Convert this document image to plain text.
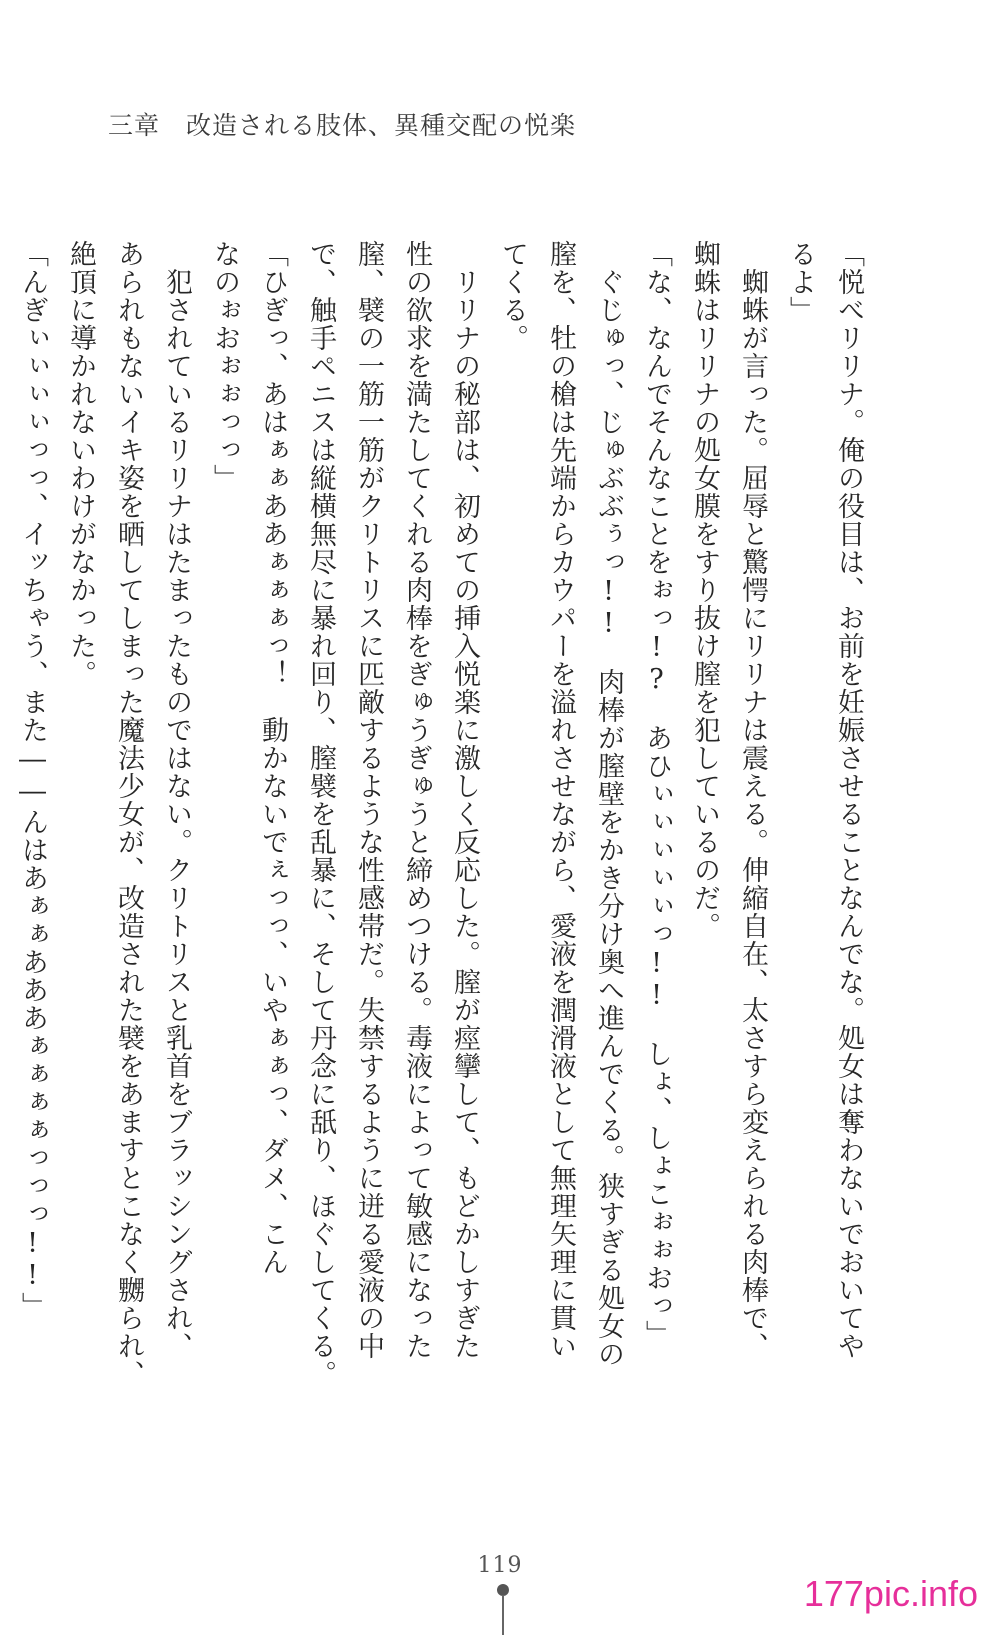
三章　改造される肢体、異種交配の悦楽
「悦べリリナ。俺の役目は、お前を妊娠させることなんでな。処女は奪わないでおいてや
るよ」
　蜘蛛が言った。屈辱と驚愕にリリナは震える。伸縮自在、太さすら変えられる肉棒で、
蜘蛛はリリナの処女膜をすり抜け膣を犯しているのだ。
「な、なんでそんなことをぉっ!?　あひぃぃぃぃぃっ!!　しょ、しょこぉぉおっ」
　ぐじゅっ、じゅぶぶぅっ!!　肉棒が膣壁をかき分け奥へ進んでくる。狭すぎる処女の
膣を、牡の槍は先端からカウパーを溢れさせながら、愛液を潤滑液として無理矢理に貫い
てくる。
　リリナの秘部は、初めての挿入悦楽に激しく反応した。膣が痙攣して、もどかしすぎた
性の欲求を満たしてくれる肉棒をぎゅうぎゅうと締めつける。毒液によって敏感になった
膣、襞の一筋一筋がクリトリスに匹敵するような性感帯だ。失禁するように迸る愛液の中
で、触手ペニスは縦横無尽に暴れ回り、膣襞を乱暴に、そして丹念に舐り、ほぐしてくる。
「ひぎっ、あはぁぁああぁぁぁっ！　動かないでぇっっ、いやぁぁっ、ダメ、こん
なのぉおぉぉっっ」
　犯されているリリナはたまったものではない。クリトリスと乳首をブラッシングされ、
あられもないイキ姿を晒してしまった魔法少女が、改造された襞をあますとこなく嬲られ、
絶頂に導かれないわけがなかった。
「んぎぃぃぃぃっっ、イッちゃう、また――んはあぁぁあああぁぁぁぁっっっ!!」
119
177pic.info
